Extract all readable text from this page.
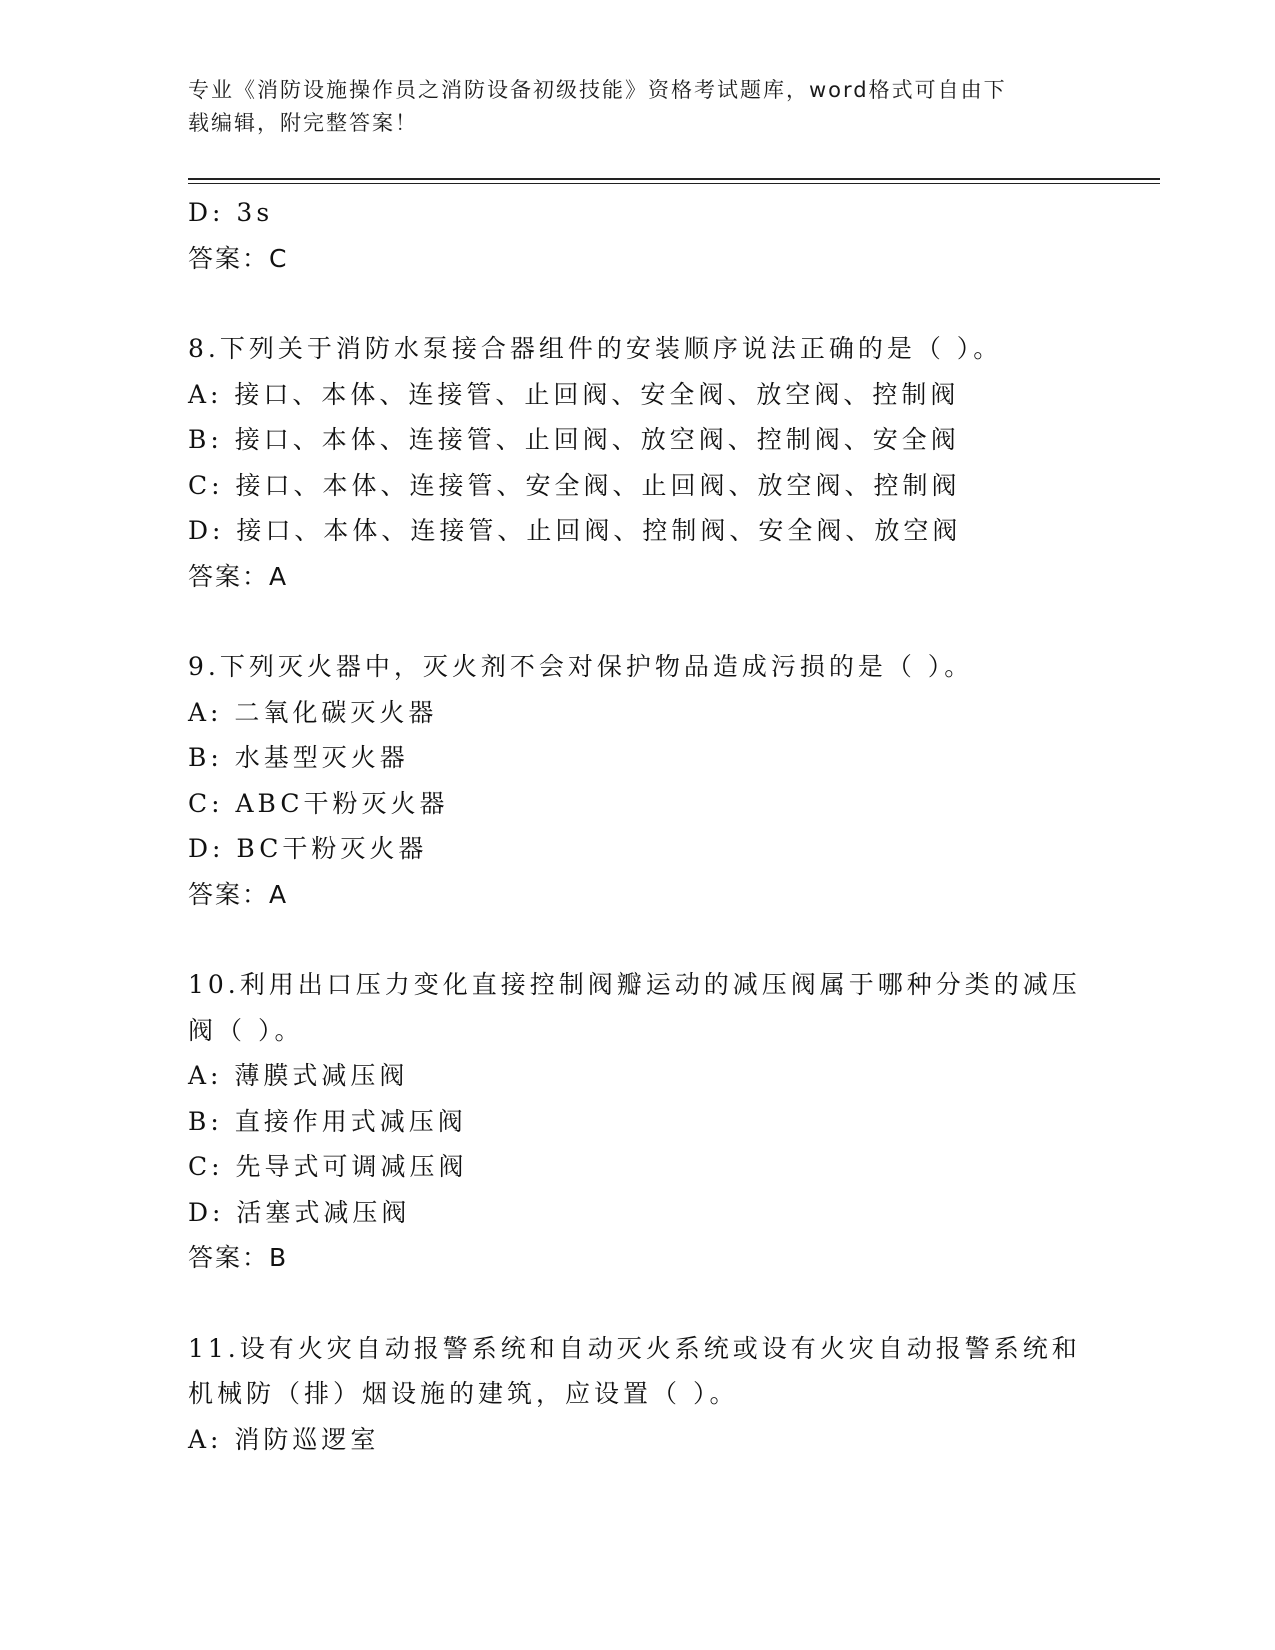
专业《消防设施操作员之消防设备初级技能》资格考试题库，word格式可自由下
载编辑，附完整答案！
D: 3s
答案：C
8.下列关于消防水泵接合器组件的安装顺序说法正确的是（ ）。
A: 接口、本体、连接管、止回阀、安全阀、放空阀、控制阀
B: 接口、本体、连接管、止回阀、放空阀、控制阀、安全阀
C: 接口、本体、连接管、安全阀、止回阀、放空阀、控制阀
D: 接口、本体、连接管、止回阀、控制阀、安全阀、放空阀
答案：A
9.下列灭火器中，灭火剂不会对保护物品造成污损的是（ ）。
A: 二氧化碳灭火器
B: 水基型灭火器
C: ABC干粉灭火器
D: BC干粉灭火器
答案：A
10.利用出口压力变化直接控制阀瓣运动的减压阀属于哪种分类的减压
阀（ ）。
A: 薄膜式减压阀
B: 直接作用式减压阀
C: 先导式可调减压阀
D: 活塞式减压阀
答案：B
11.设有火灾自动报警系统和自动灭火系统或设有火灾自动报警系统和
机械防（排）烟设施的建筑，应设置（ ）。
A: 消防巡逻室
